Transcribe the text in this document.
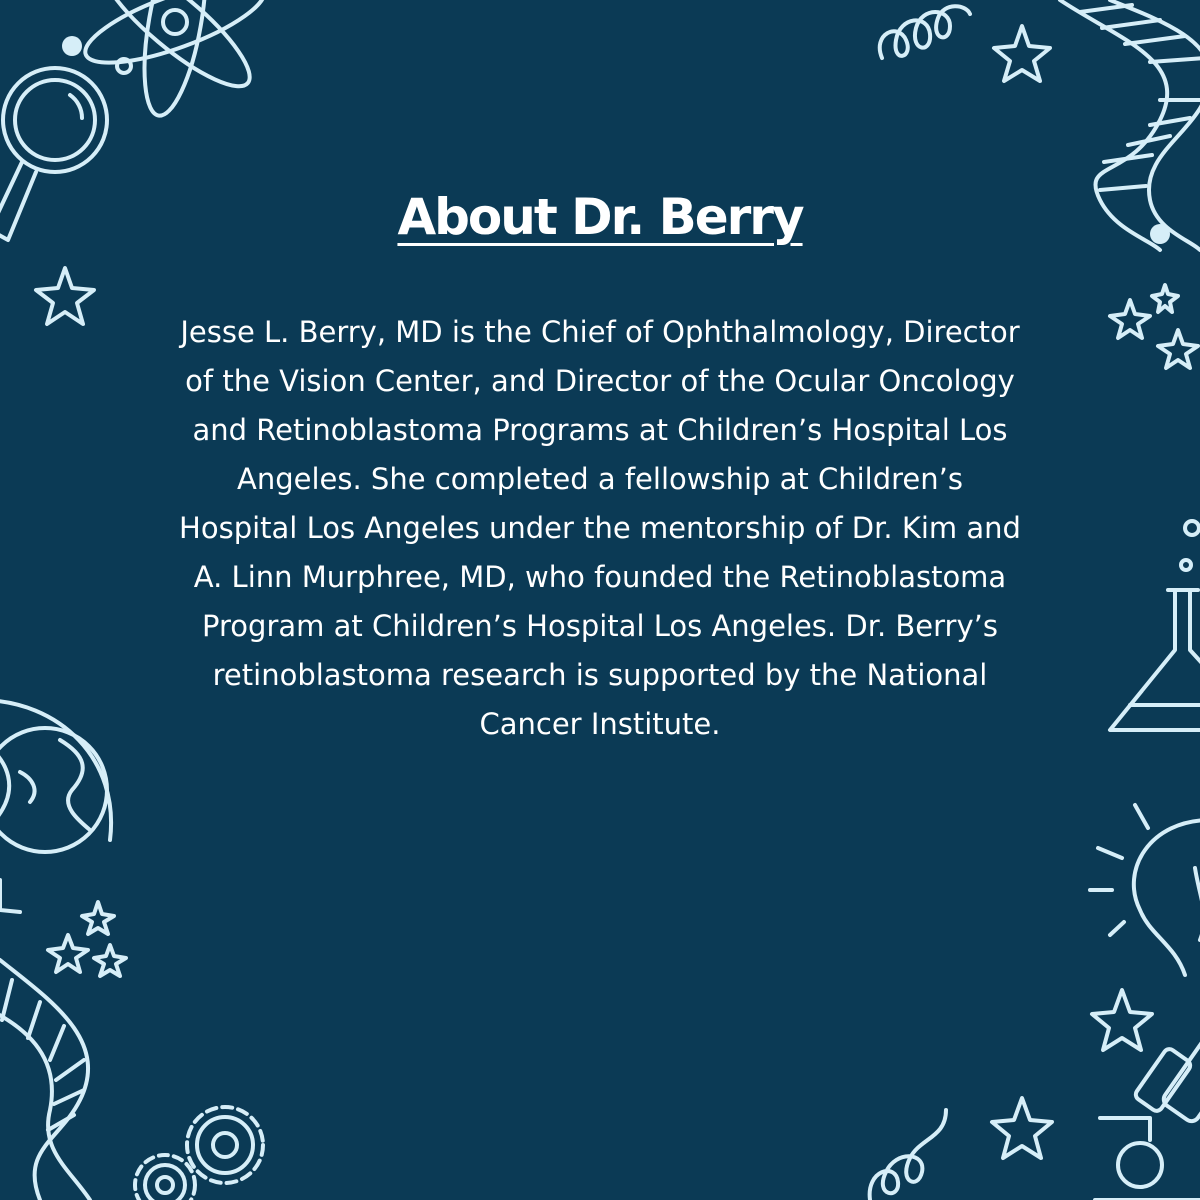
About Dr. Berry

Jesse L. Berry, MD is the Chief of Ophthalmology, Director of the Vision Center, and Director of the Ocular Oncology and Retinoblastoma Programs at Children’s Hospital Los Angeles. She completed a fellowship at Children’s Hospital Los Angeles under the mentorship of Dr. Kim and A. Linn Murphree, MD, who founded the Retinoblastoma Program at Children’s Hospital Los Angeles. Dr. Berry’s retinoblastoma research is supported by the National Cancer Institute.
